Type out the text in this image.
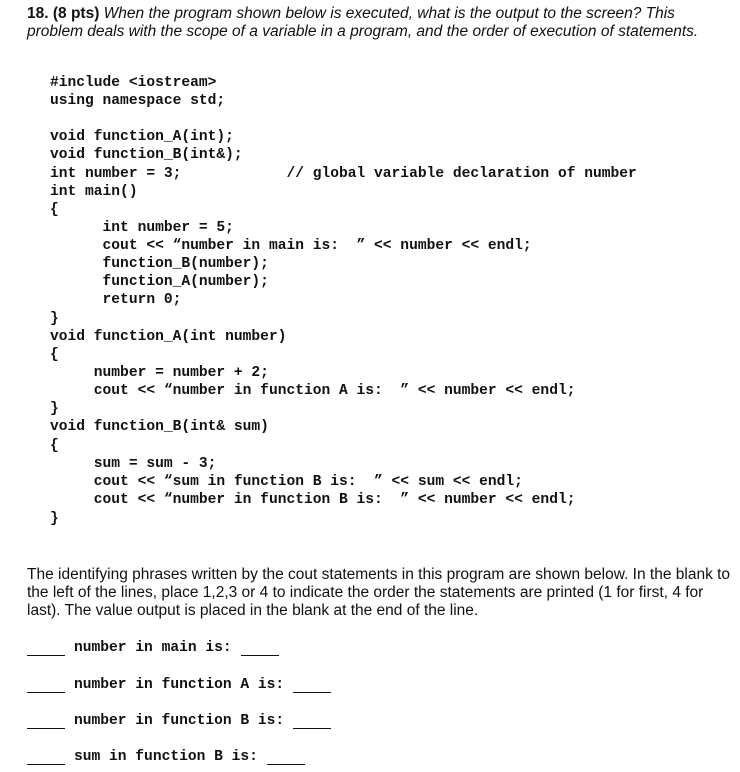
18. (8 pts) When the program shown below is executed, what is the output to the screen? This problem deals with the scope of a variable in a program, and the order of execution of statements.
#include <iostream>
using namespace std;
void function_A(int);
void function_B(int&);
int number = 3;            // global variable declaration of number
int main()
{
int number = 5;
cout << “number in main is:  ” << number << endl;
function_B(number);
function_A(number);
return 0;
}
void function_A(int number)
{
number = number + 2;
cout << “number in function A is:  ” << number << endl;
}
void function_B(int& sum)
{
sum = sum - 3;
cout << “sum in function B is:  ” << sum << endl;
cout << “number in function B is:  ” << number << endl;
}
The identifying phrases written by the cout statements in this program are shown below. In the blank to the left of the lines, place 1,2,3 or 4 to indicate the order the statements are printed (1 for first, 4 for last). The value output is placed in the blank at the end of the line.
number in main is:
number in function A is:
number in function B is:
sum in function B is:
